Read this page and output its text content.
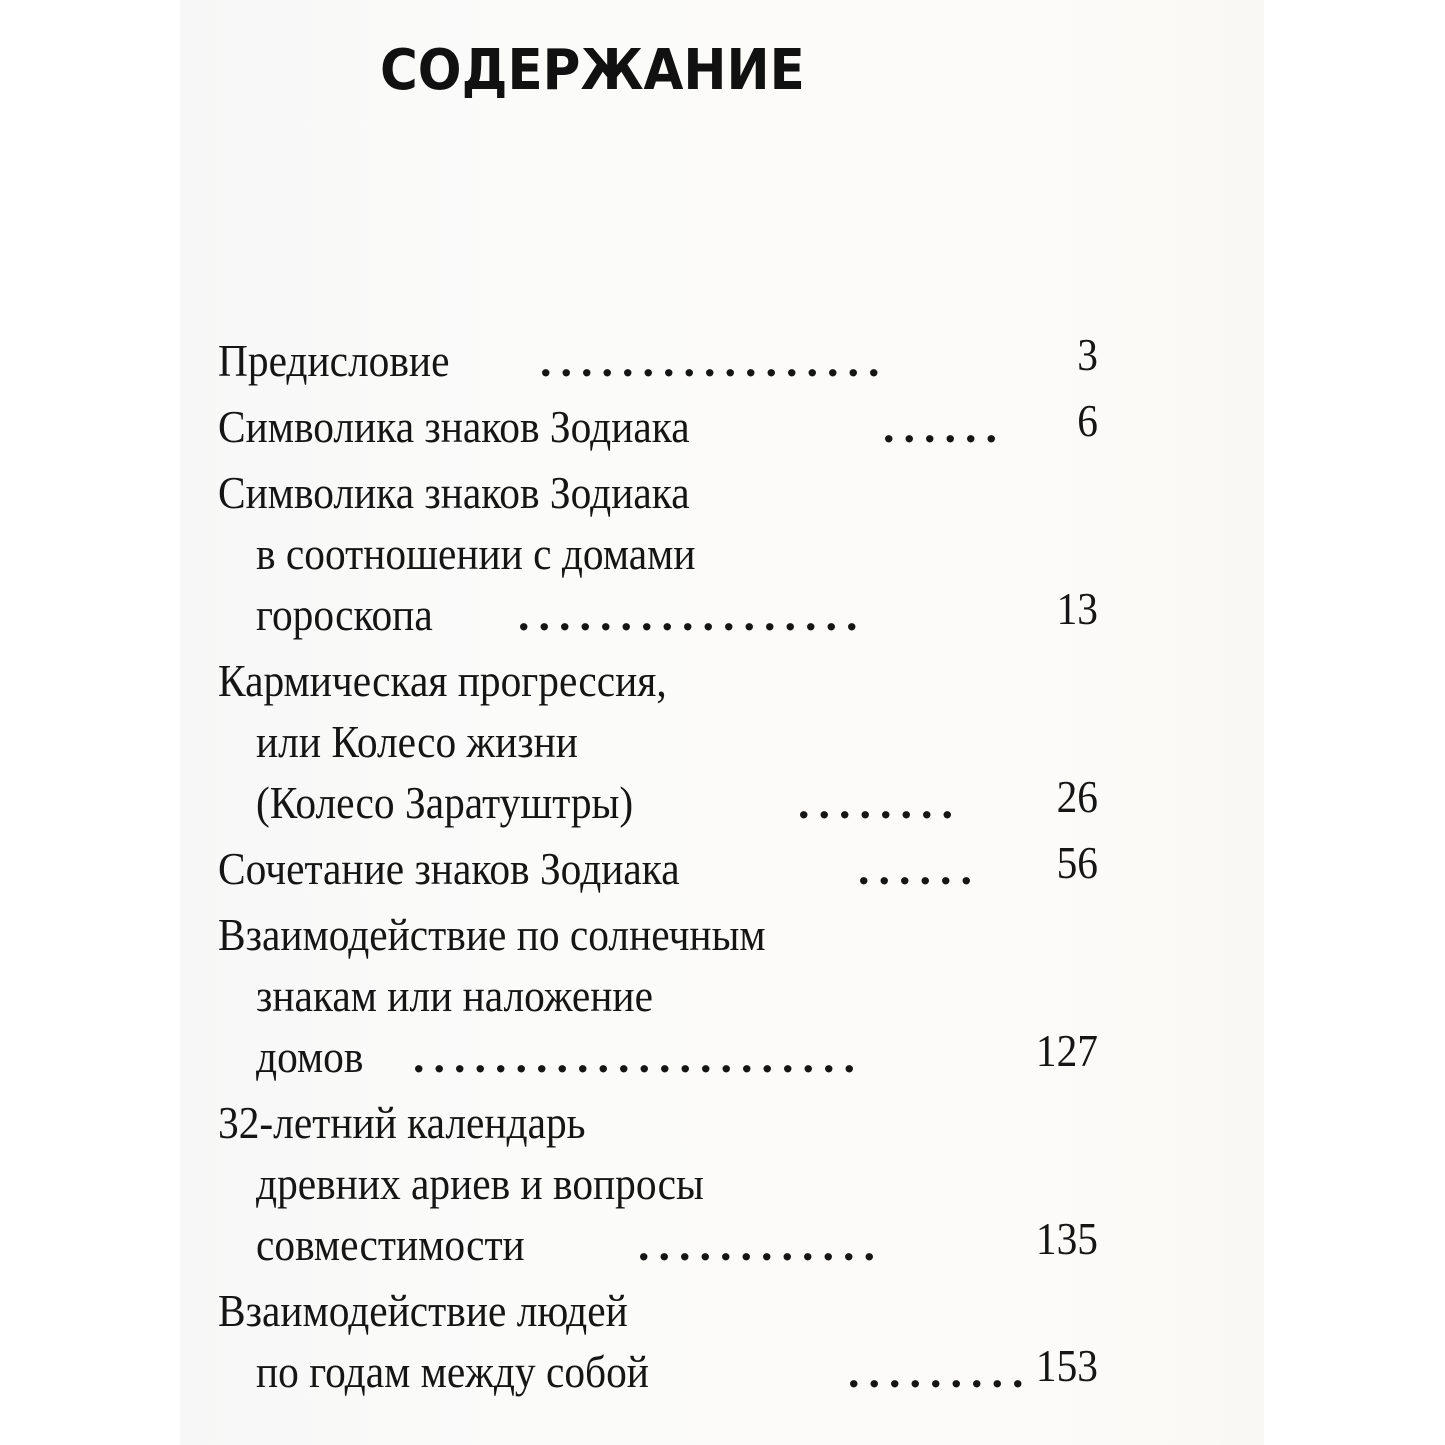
СОДЕРЖАНИЕ
Предисловие .................	3
Символика знаков Зодиака	...... 6
Символика знаков Зодиака
в соотношении с домами
гороскопа .................	13
Кармическая прогрессия,
или Колесо жизни
(Колесо Заратуштры)	........ 26
Сочетание знаков Зодиака	...... 56
Взаимодействие по солнечным
знакам или наложение
домов ......................	127
32-летний календарь
древних ариев и вопросы
совместимости ............	135
Взаимодействие людей
по годам между собой	......... 153
